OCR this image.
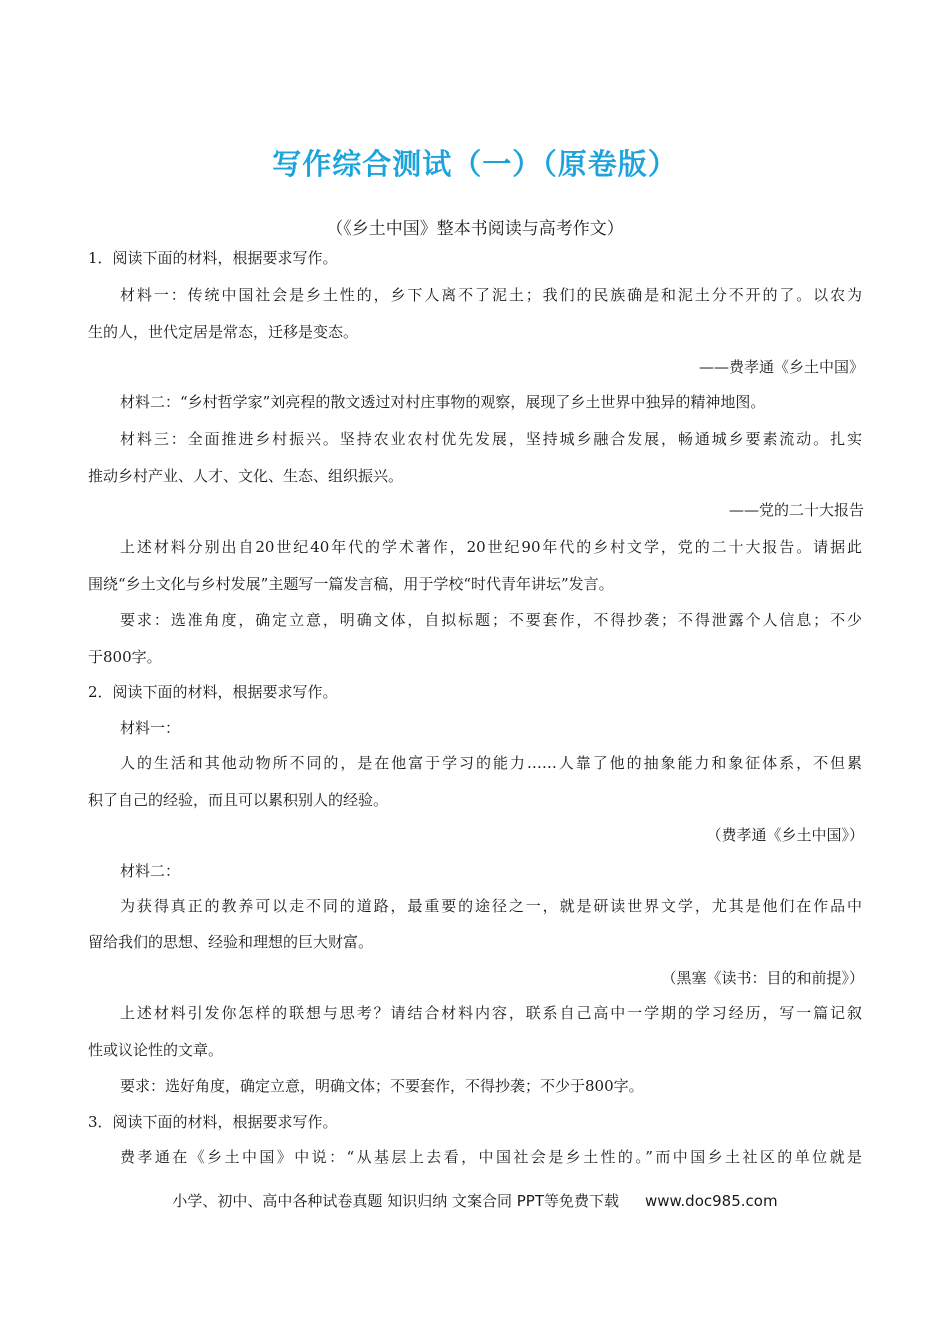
写作综合测试（一）（原卷版）
（《乡土中国》整本书阅读与高考作文）
1．阅读下面的材料，根据要求写作。
材料一：传统中国社会是乡土性的，乡下人离不了泥土；我们的民族确是和泥土分不开的了。以农为
生的人，世代定居是常态，迁移是变态。
——费孝通《乡土中国》
材料二：“乡村哲学家”刘亮程的散文透过对村庄事物的观察，展现了乡土世界中独异的精神地图。
材料三：全面推进乡村振兴。坚持农业农村优先发展，坚持城乡融合发展，畅通城乡要素流动。扎实
推动乡村产业、人才、文化、生态、组织振兴。
——党的二十大报告
上述材料分别出自20世纪40年代的学术著作，20世纪90年代的乡村文学，党的二十大报告。请据此
围绕“乡土文化与乡村发展”主题写一篇发言稿，用于学校“时代青年讲坛”发言。
要求：选准角度，确定立意，明确文体，自拟标题；不要套作，不得抄袭；不得泄露个人信息；不少
于800字。
2．阅读下面的材料，根据要求写作。
材料一：
人的生活和其他动物所不同的，是在他富于学习的能力……人靠了他的抽象能力和象征体系，不但累
积了自己的经验，而且可以累积别人的经验。
（费孝通《乡土中国》）
材料二：
为获得真正的教养可以走不同的道路，最重要的途径之一，就是研读世界文学，尤其是他们在作品中
留给我们的思想、经验和理想的巨大财富。
（黑塞《读书：目的和前提》）
上述材料引发你怎样的联想与思考？请结合材料内容，联系自己高中一学期的学习经历，写一篇记叙
性或议论性的文章。
要求：选好角度，确定立意，明确文体；不要套作，不得抄袭；不少于800字。
3．阅读下面的材料，根据要求写作。
费孝通在《乡土中国》中说：“从基层上去看，中国社会是乡土性的。”而中国乡土社区的单位就是
小学、初中、高中各种试卷真题 知识归纳 文案合同 PPT等免费下载 www.doc985.com
